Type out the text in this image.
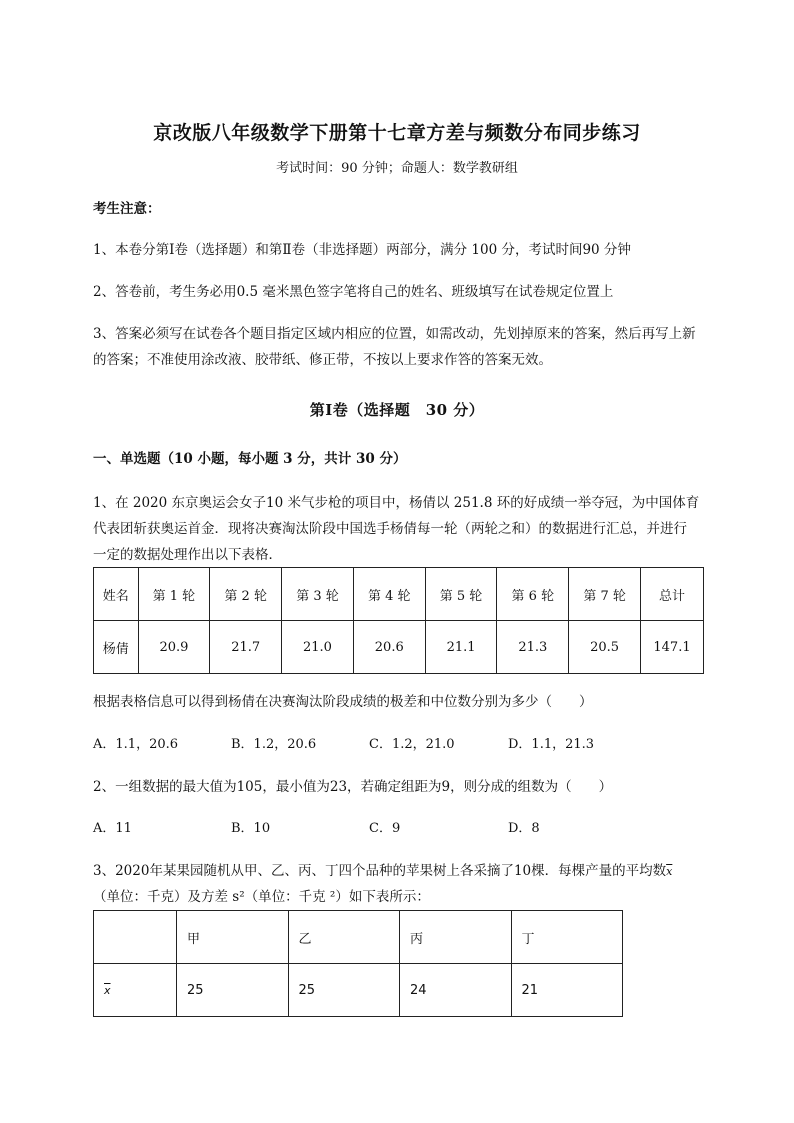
京改版八年级数学下册第十七章方差与频数分布同步练习
考试时间：90 分钟；命题人：数学教研组
考生注意：
1、本卷分第Ⅰ卷（选择题）和第Ⅱ卷（非选择题）两部分，满分 100 分，考试时间90 分钟
2、答卷前，考生务必用0.5 毫米黑色签字笔将自己的姓名、班级填写在试卷规定位置上
3、答案必须写在试卷各个题目指定区域内相应的位置，如需改动，先划掉原来的答案，然后再写上新
的答案；不准使用涂改液、胶带纸、修正带，不按以上要求作答的答案无效。
第Ⅰ卷（选择题　30 分）
一、单选题（10 小题，每小题 3 分，共计 30 分）
1、在 2020 东京奥运会女子10 米气步枪的项目中，杨倩以 251.8 环的好成绩一举夺冠，为中国体育
代表团斩获奥运首金．现将决赛淘汰阶段中国选手杨倩每一轮（两轮之和）的数据进行汇总，并进行
一定的数据处理作出以下表格．
姓名	第 1 轮	第 2 轮	第 3 轮	第 4 轮	第 5 轮	第 6 轮	第 7 轮	总计
杨倩	20.9	21.7	21.0	20.6	21.1	21.3	20.5	147.1
根据表格信息可以得到杨倩在决赛淘汰阶段成绩的极差和中位数分别为多少（　　）
A．1.1，20.6	B．1.2，20.6	C．1.2，21.0	D．1.1，21.3
2、一组数据的最大值为105，最小值为23，若确定组距为9，则分成的组数为（　　）
A．11	B．10	C．9	D．8
3、2020年某果园随机从甲、乙、丙、丁四个品种的苹果树上各采摘了10棵．每棵产量的平均数$\overline{x}$
（单位：千克）及方差 s²（单位：千克 ²）如下表所示：
	甲	乙	丙	丁
$\overline{x}$	25	25	24	21
